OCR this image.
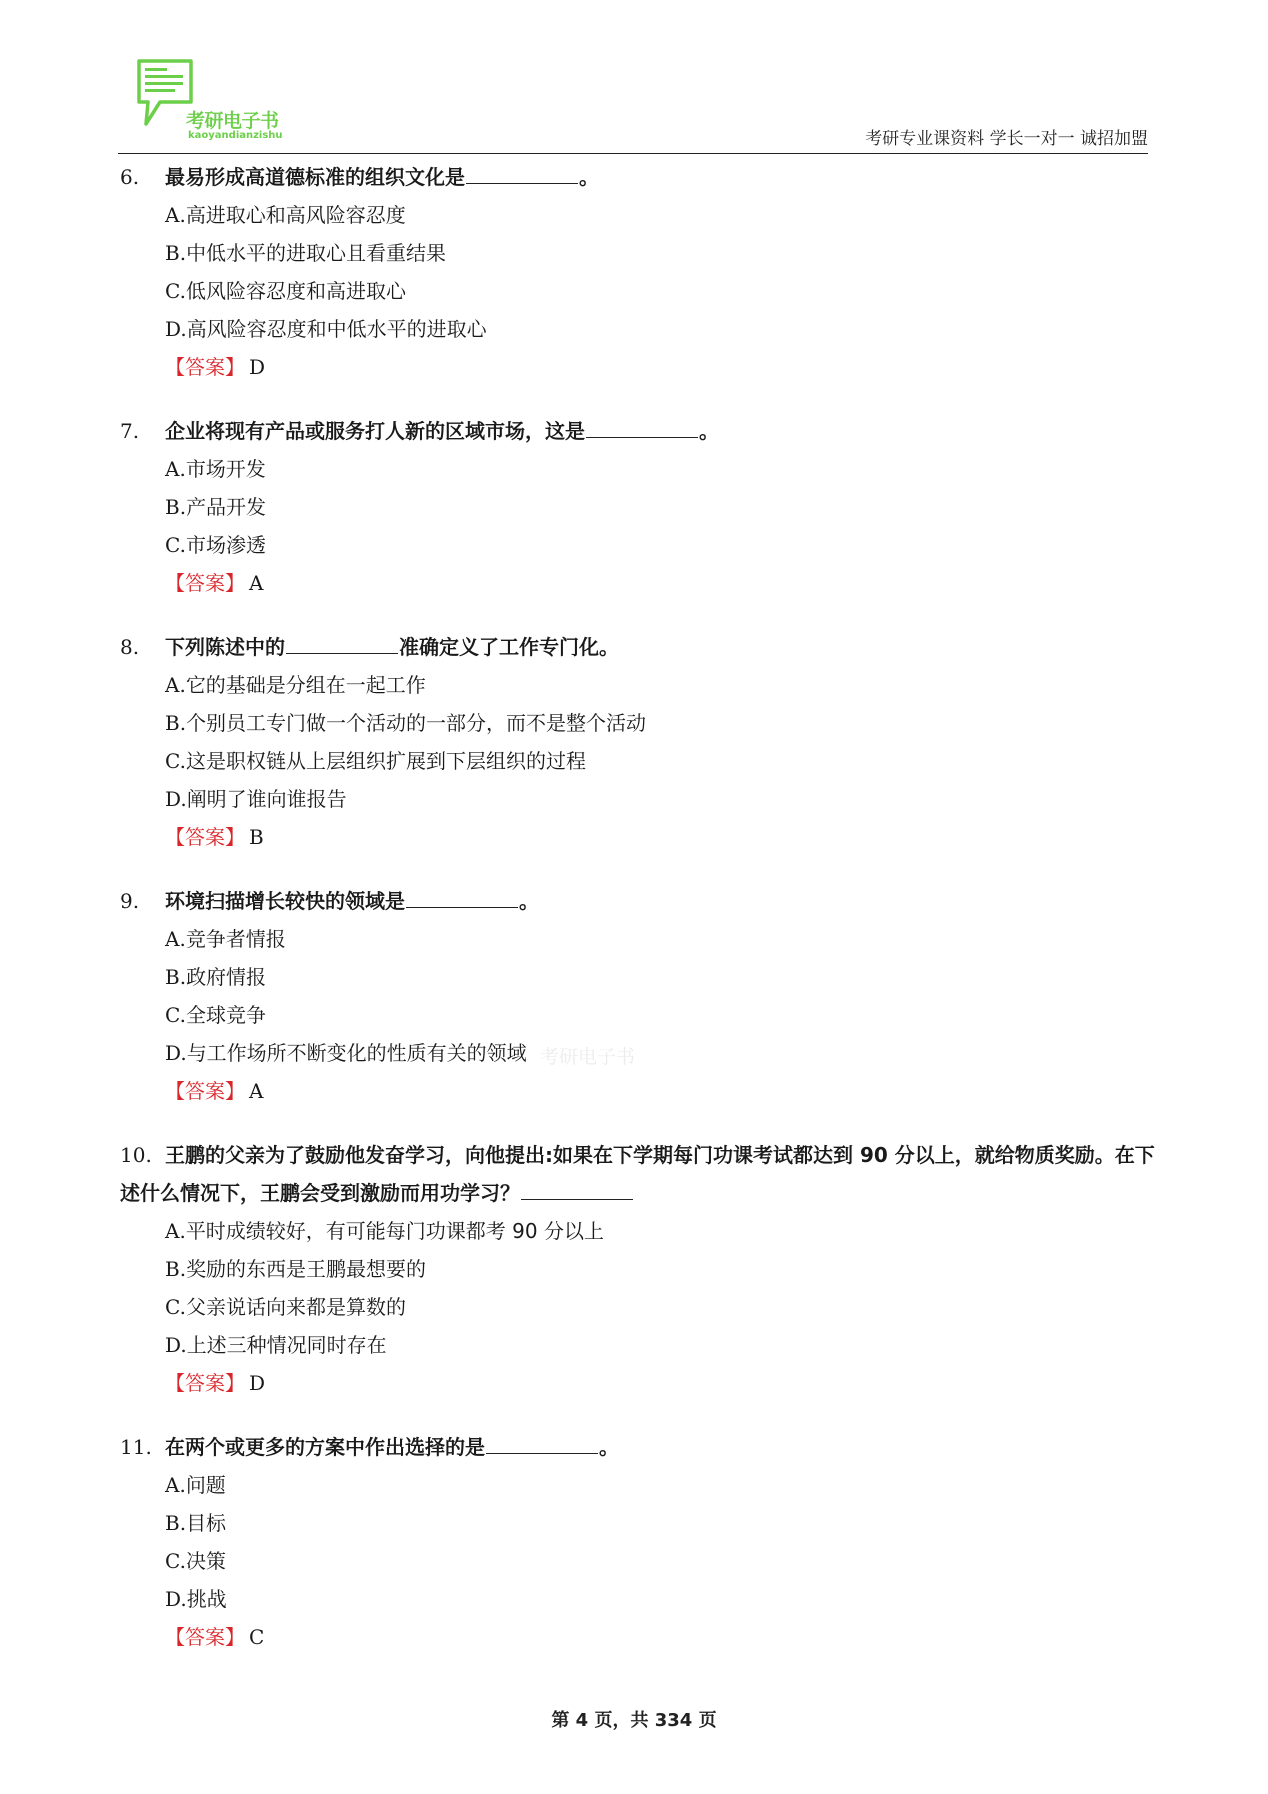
考研电子书
kaoyandianzishu	考研专业课资料 学长一对一 诚招加盟
6.	最易形成高道德标准的组织文化是	。
A.高进取心和高风险容忍度
B.中低水平的进取心且看重结果
C.低风险容忍度和高进取心
D.高风险容忍度和中低水平的进取心
【答案】 D
7.	企业将现有产品或服务打人新的区域市场，这是	。
A.市场开发
B.产品开发
C.市场渗透
【答案】 A
8.	下列陈述中的	准确定义了工作专门化。
A.它的基础是分组在一起工作
B.个别员工专门做一个活动的一部分，而不是整个活动
C.这是职权链从上层组织扩展到下层组织的过程
D.阐明了谁向谁报告
【答案】 B
9.	环境扫描增长较快的领域是	。
A.竞争者情报
B.政府情报
C.全球竞争
D.与工作场所不断变化的性质有关的领域
【答案】 A
10. 王鹏的父亲为了鼓励他发奋学习，向他提出:如果在下学期每门功课考试都达到 90 分以上，就给物质奖励。在下述什么情况下，王鹏会受到激励而用功学习？
A.平时成绩较好，有可能每门功课都考 90 分以上
B.奖励的东西是王鹏最想要的
C.父亲说话向来都是算数的
D.上述三种情况同时存在
【答案】 D
11. 在两个或更多的方案中作出选择的是	。
A.问题
B.目标
C.决策
D.挑战
【答案】 C
考研电子书
第 4 页，共 334 页
